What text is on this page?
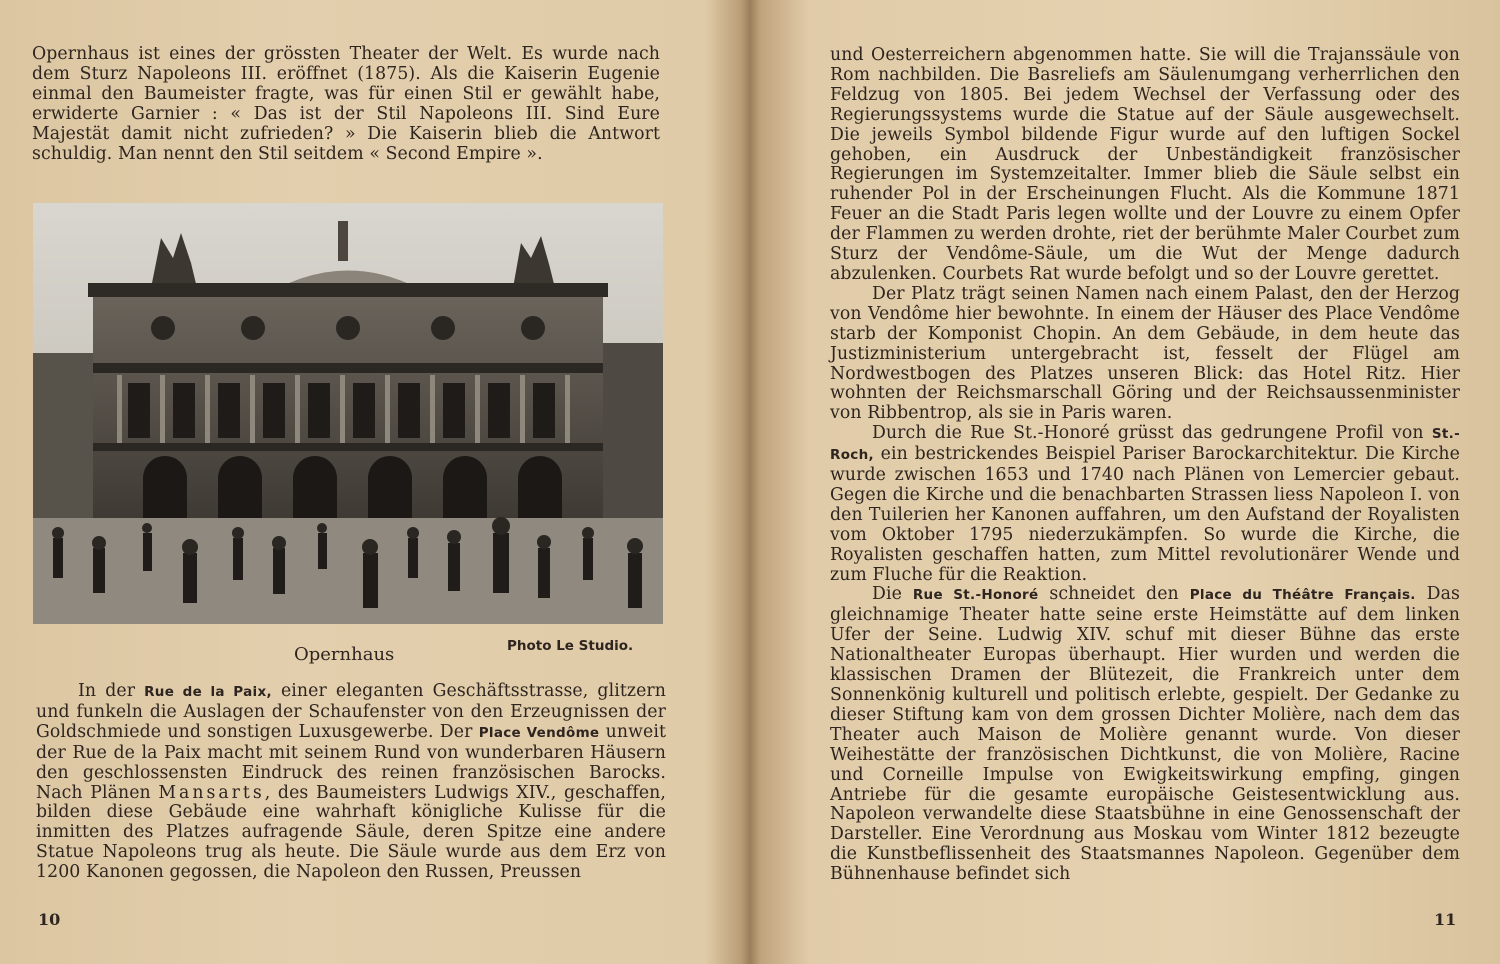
Opernhaus ist eines der grössten Theater der Welt. Es wurde nach dem Sturz Napoleons III. eröffnet (1875). Als die Kaiserin Eugenie einmal den Baumeister fragte, was für einen Stil er gewählt habe, erwiderte Garnier : « Das ist der Stil Napoleons III. Sind Eure Majestät damit nicht zufrieden? » Die Kaiserin blieb die Antwort schuldig. Man nennt den Stil seitdem « Second Empire ».

Opernhaus	Photo Le Studio.

In der Rue de la Paix, einer eleganten Geschäftsstrasse, glitzern und funkeln die Auslagen der Schaufenster von den Erzeugnissen der Goldschmiede und sonstigen Luxusgewerbe. Der Place Vendôme unweit der Rue de la Paix macht mit seinem Rund von wunderbaren Häusern den geschlossensten Eindruck des reinen französischen Barocks. Nach Plänen Mansarts, des Baumeisters Ludwigs XIV., geschaffen, bilden diese Gebäude eine wahrhaft königliche Kulisse für die inmitten des Platzes aufragende Säule, deren Spitze eine andere Statue Napoleons trug als heute. Die Säule wurde aus dem Erz von 1200 Kanonen gegossen, die Napoleon den Russen, Preussen

10

und Oesterreichern abgenommen hatte. Sie will die Trajanssäule von Rom nachbilden. Die Basreliefs am Säulenumgang verherrlichen den Feldzug von 1805. Bei jedem Wechsel der Verfassung oder des Regierungssystems wurde die Statue auf der Säule ausgewechselt. Die jeweils Symbol bildende Figur wurde auf den luftigen Sockel gehoben, ein Ausdruck der Unbeständigkeit französischer Regierungen im Systemzeitalter. Immer blieb die Säule selbst ein ruhender Pol in der Erscheinungen Flucht. Als die Kommune 1871 Feuer an die Stadt Paris legen wollte und der Louvre zu einem Opfer der Flammen zu werden drohte, riet der berühmte Maler Courbet zum Sturz der Vendôme-Säule, um die Wut der Menge dadurch abzulenken. Courbets Rat wurde befolgt und so der Louvre gerettet.

Der Platz trägt seinen Namen nach einem Palast, den der Herzog von Vendôme hier bewohnte. In einem der Häuser des Place Vendôme starb der Komponist Chopin. An dem Gebäude, in dem heute das Justizministerium untergebracht ist, fesselt der Flügel am Nordwestbogen des Platzes unseren Blick: das Hotel Ritz. Hier wohnten der Reichsmarschall Göring und der Reichsaussenminister von Ribbentrop, als sie in Paris waren.

Durch die Rue St.-Honoré grüsst das gedrungene Profil von St.-Roch, ein bestrickendes Beispiel Pariser Barockarchitektur. Die Kirche wurde zwischen 1653 und 1740 nach Plänen von Lemercier gebaut. Gegen die Kirche und die benachbarten Strassen liess Napoleon I. von den Tuilerien her Kanonen auffahren, um den Aufstand der Royalisten vom Oktober 1795 niederzukämpfen. So wurde die Kirche, die Royalisten geschaffen hatten, zum Mittel revolutionärer Wende und zum Fluche für die Reaktion.

Die Rue St.-Honoré schneidet den Place du Théâtre Français. Das gleichnamige Theater hatte seine erste Heimstätte auf dem linken Ufer der Seine. Ludwig XIV. schuf mit dieser Bühne das erste Nationaltheater Europas überhaupt. Hier wurden und werden die klassischen Dramen der Blütezeit, die Frankreich unter dem Sonnenkönig kulturell und politisch erlebte, gespielt. Der Gedanke zu dieser Stiftung kam von dem grossen Dichter Molière, nach dem das Theater auch Maison de Molière genannt wurde. Von dieser Weihestätte der französischen Dichtkunst, die von Molière, Racine und Corneille Impulse von Ewigkeitswirkung empfing, gingen Antriebe für die gesamte europäische Geistesentwicklung aus. Napoleon verwandelte diese Staatsbühne in eine Genossenschaft der Darsteller. Eine Verordnung aus Moskau vom Winter 1812 bezeugte die Kunstbeflissenheit des Staatsmannes Napoleon. Gegenüber dem Bühnenhause befindet sich

11
